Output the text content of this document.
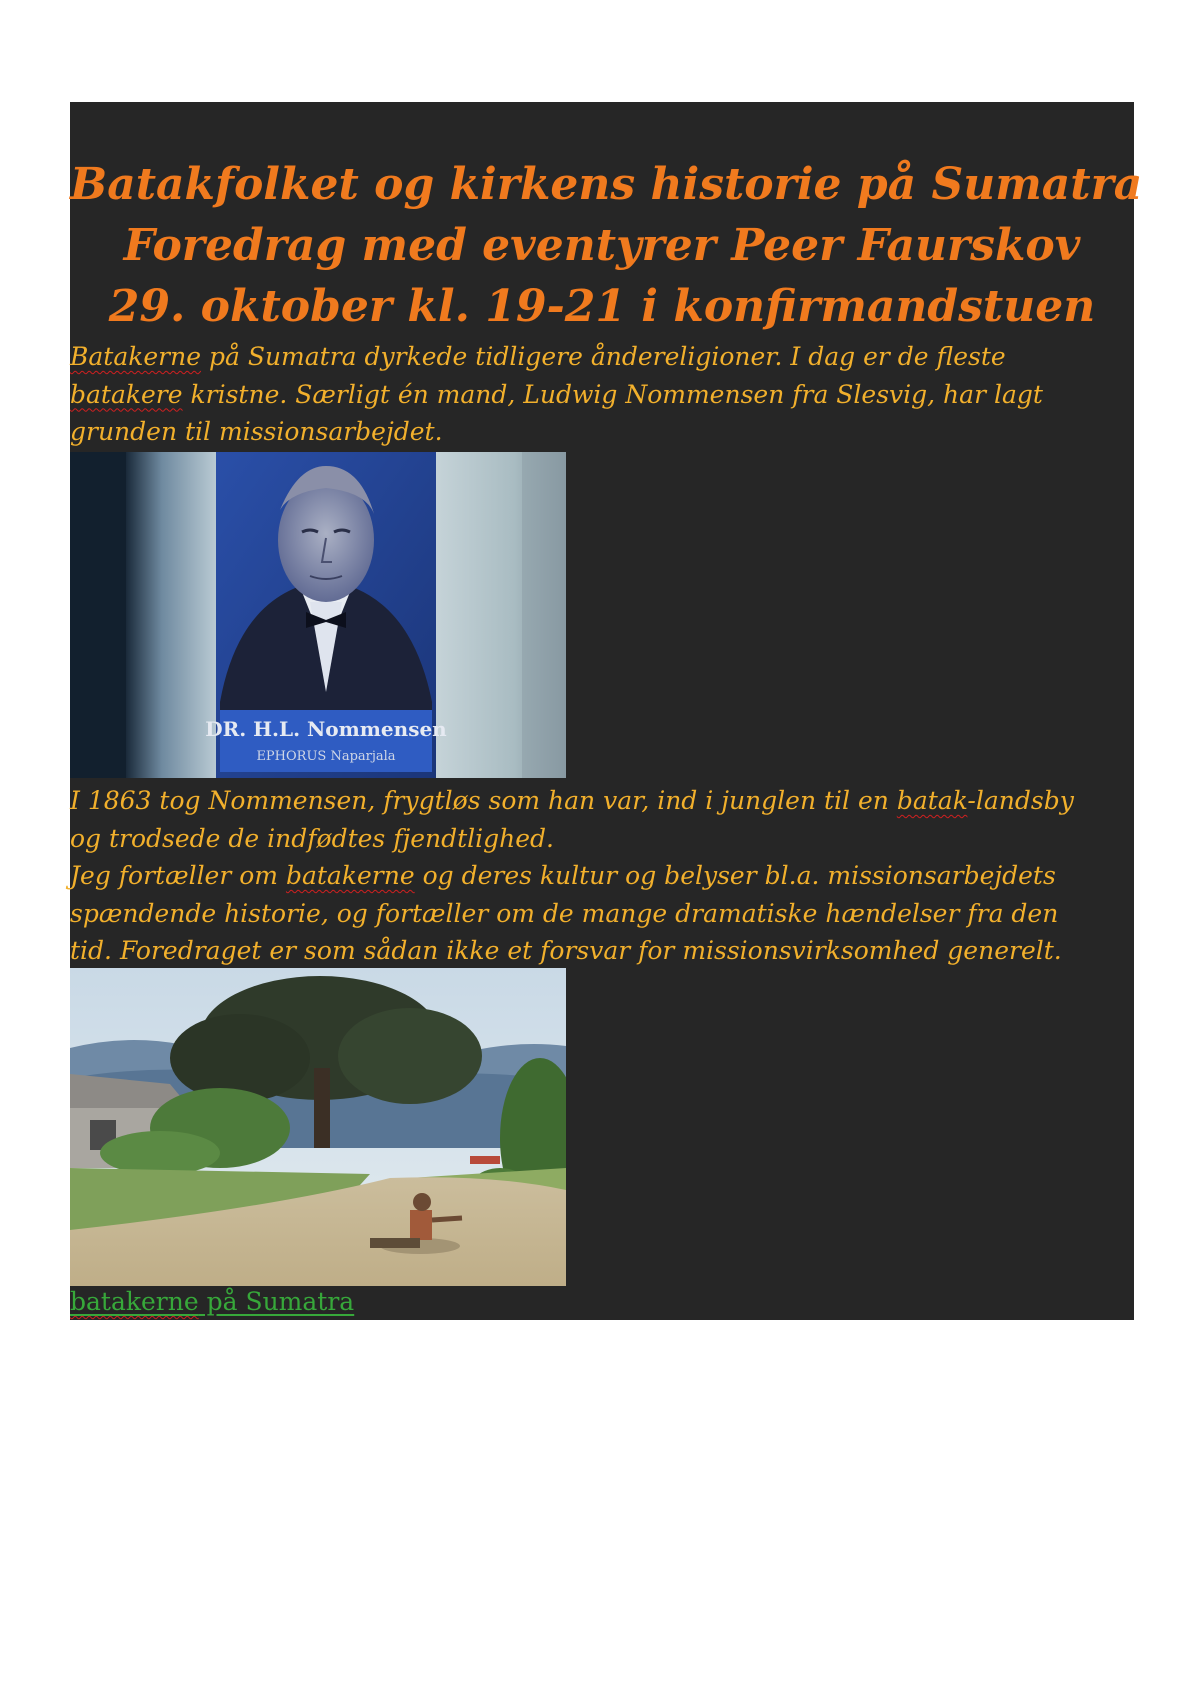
Batakfolket og kirkens historie på Sumatra
Foredrag med eventyrer Peer Faurskov
29. oktober kl. 19-21 i konfirmandstuen
Batakerne på Sumatra dyrkede tidligere åndereligioner. I dag er de fleste
batakere kristne. Særligt én mand, Ludwig Nommensen fra Slesvig, har lagt
grunden til missionsarbejdet.
DR. H.L. Nommensen
EPHORUS Naparjala
I 1863 tog Nommensen, frygtløs som han var, ind i junglen til en batak-landsby
og trodsede de indfødtes fjendtlighed.
Jeg fortæller om batakerne og deres kultur og belyser bl.a. missionsarbejdets
spændende historie, og fortæller om de mange dramatiske hændelser fra den
tid. Foredraget er som sådan ikke et forsvar for missionsvirksomhed generelt.
batakerne på Sumatra
